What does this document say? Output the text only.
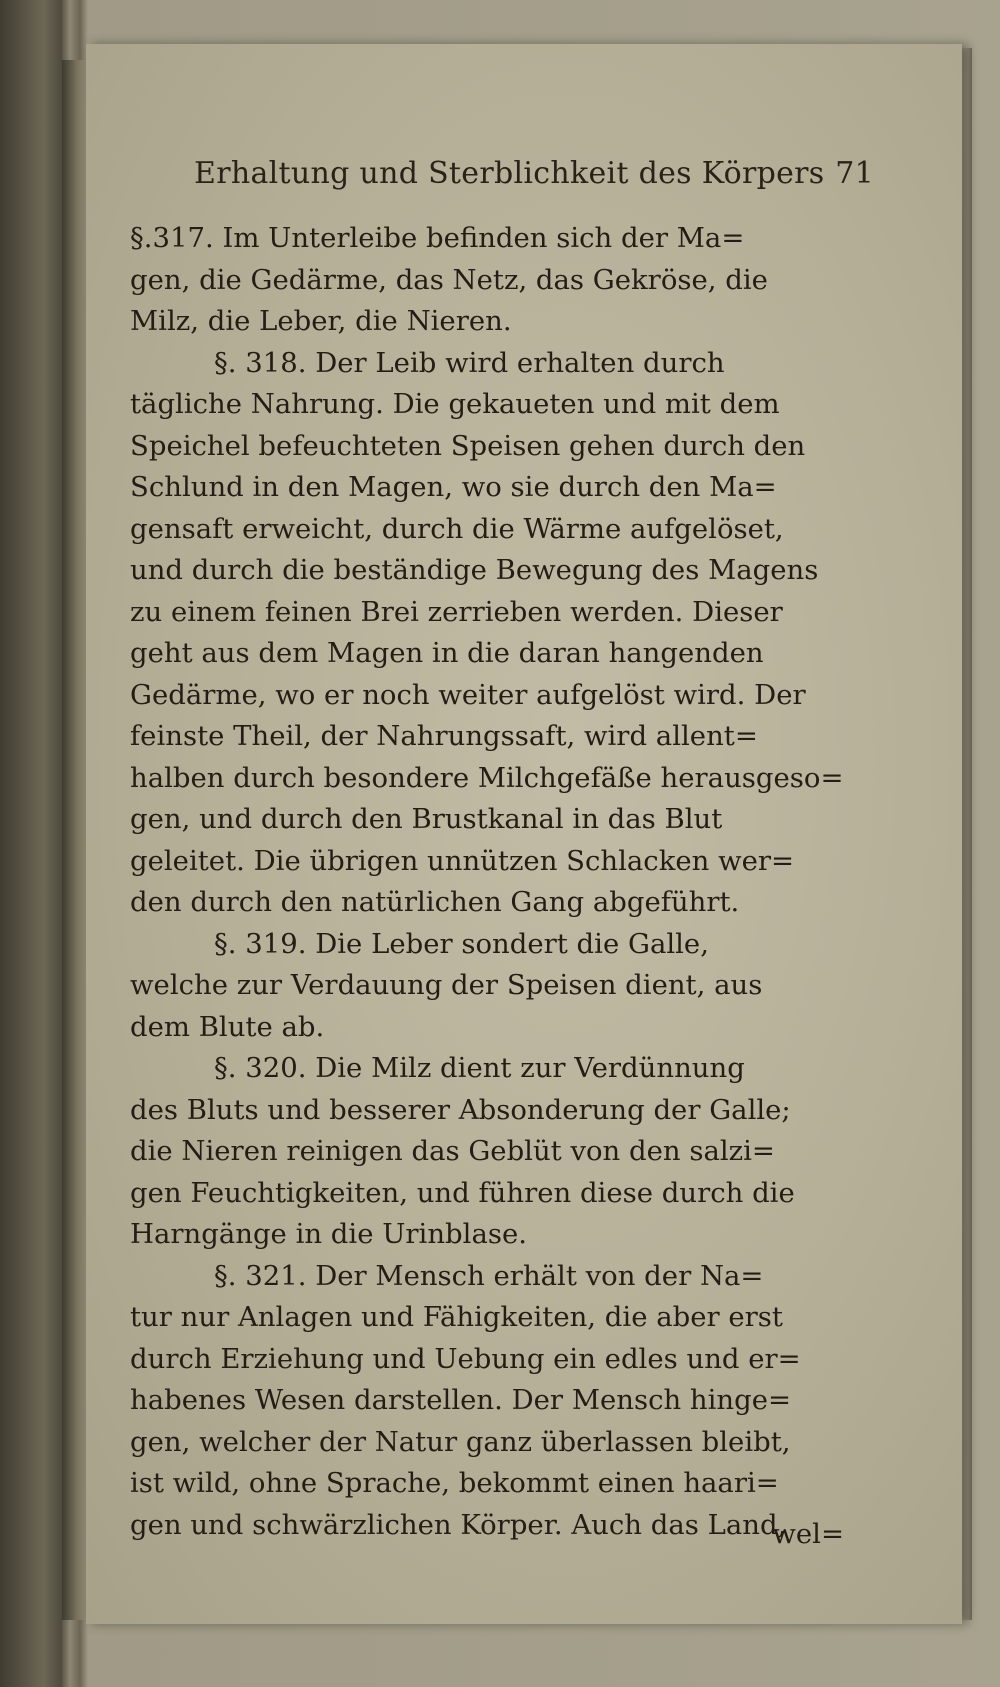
Erhaltung und Sterblichkeit des Körpers 71
§.317. Im Unterleibe befinden sich der Ma=
gen, die Gedärme, das Netz, das Gekröse, die
Milz, die Leber, die Nieren.
§. 318. Der Leib wird erhalten durch
tägliche Nahrung. Die gekaueten und mit dem
Speichel befeuchteten Speisen gehen durch den
Schlund in den Magen, wo sie durch den Ma=
gensaft erweicht, durch die Wärme aufgelöset,
und durch die beständige Bewegung des Magens
zu einem feinen Brei zerrieben werden. Dieser
geht aus dem Magen in die daran hangenden
Gedärme, wo er noch weiter aufgelöst wird. Der
feinste Theil, der Nahrungssaft, wird allent=
halben durch besondere Milchgefäße herausgeso=
gen, und durch den Brustkanal in das Blut
geleitet. Die übrigen unnützen Schlacken wer=
den durch den natürlichen Gang abgeführt.
§. 319. Die Leber sondert die Galle,
welche zur Verdauung der Speisen dient, aus
dem Blute ab.
§. 320. Die Milz dient zur Verdünnung
des Bluts und besserer Absonderung der Galle;
die Nieren reinigen das Geblüt von den salzi=
gen Feuchtigkeiten, und führen diese durch die
Harngänge in die Urinblase.
§. 321. Der Mensch erhält von der Na=
tur nur Anlagen und Fähigkeiten, die aber erst
durch Erziehung und Uebung ein edles und er=
habenes Wesen darstellen. Der Mensch hinge=
gen, welcher der Natur ganz überlassen bleibt,
ist wild, ohne Sprache, bekommt einen haari=
gen und schwärzlichen Körper. Auch das Land,
wel=
